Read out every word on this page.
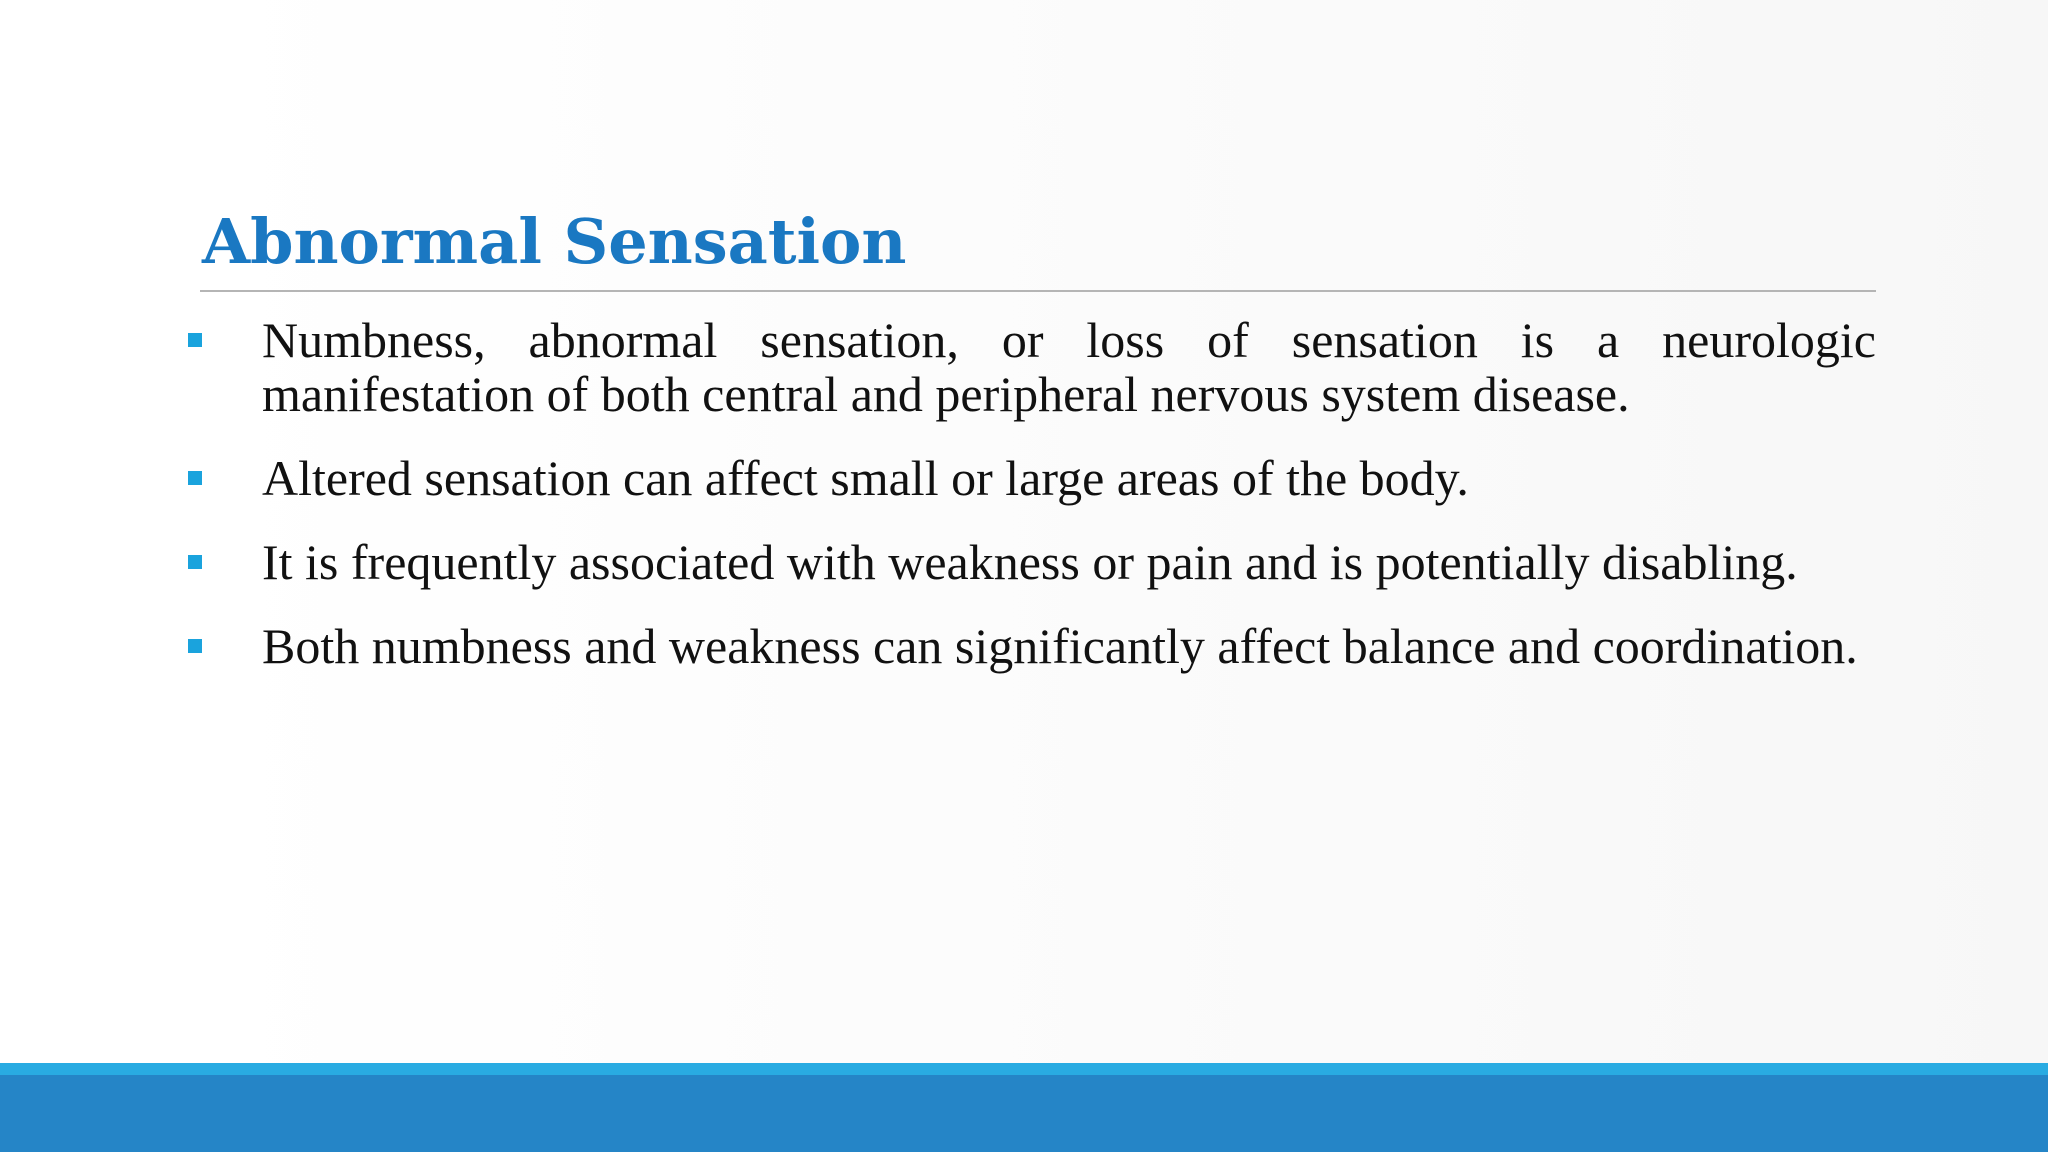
Abnormal Sensation
Numbness, abnormal sensation, or loss of sensation is a neurologic manifestation of both central and peripheral nervous system disease.
Altered sensation can affect small or large areas of the body.
It is frequently associated with weakness or pain and is potentially disabling.
Both numbness and weakness can significantly affect balance and coordination.
